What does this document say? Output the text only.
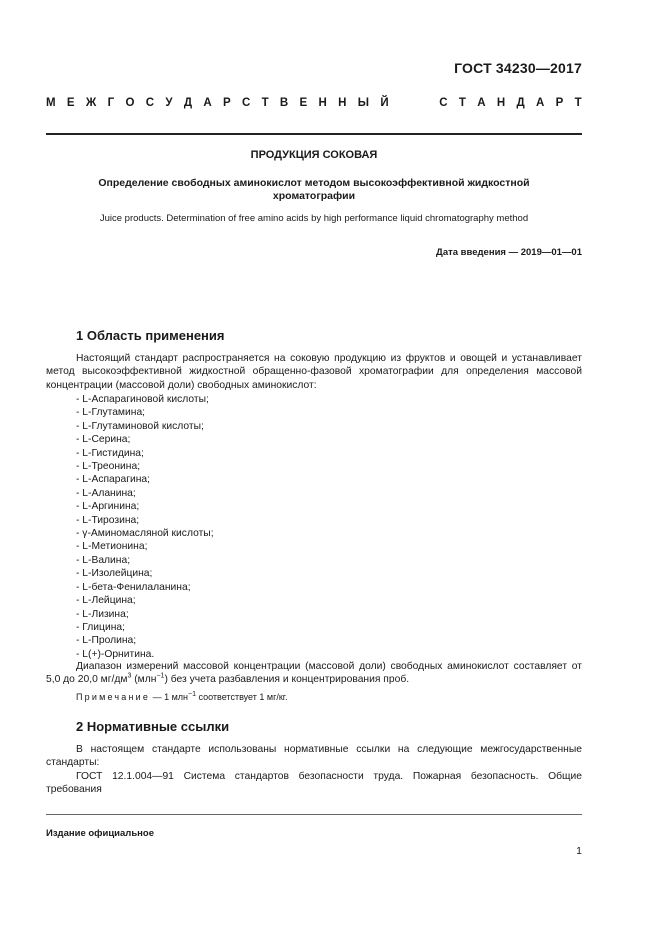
ГОСТ 34230—2017
М Е Ж Г О С У Д А Р С Т В Е Н Н Ы Й	С Т А Н Д А Р Т
ПРОДУКЦИЯ СОКОВАЯ
Определение свободных аминокислот методом высокоэффективной жидкостной хроматографии
Juice products. Determination of free amino acids by high performance liquid chromatography method
Дата введения — 2019—01—01
1 Область применения
Настоящий стандарт распространяется на соковую продукцию из фруктов и овощей и устанавливает метод высокоэффективной жидкостной обращенно-фазовой хроматографии для определения массовой концентрации (массовой доли) свободных аминокислот:
- L-Аспарагиновой кислоты;
- L-Глутамина;
- L-Глутаминовой кислоты;
- L-Серина;
- L-Гистидина;
- L-Треонина;
- L-Аспарагина;
- L-Аланина;
- L-Аргинина;
- L-Тирозина;
- γ-Аминомасляной кислоты;
- L-Метионина;
- L-Валина;
- L-Изолейцина;
- L-бета-Фенилаланина;
- L-Лейцина;
- L-Лизина;
- Глицина;
- L-Пролина;
- L(+)-Орнитина.
Диапазон измерений массовой концентрации (массовой доли) свободных аминокислот составляет от 5,0 до 20,0 $мг/дм^3$ (млн$^{-1}$) без учета разбавления и концентрирования проб.
Примечание — 1 млн$^{-1}$ соответствует 1 мг/кг.
2 Нормативные ссылки
В настоящем стандарте использованы нормативные ссылки на следующие межгосударственные стандарты:
ГОСТ 12.1.004—91 Система стандартов безопасности труда. Пожарная безопасность. Общие требования
Издание официальное
1
